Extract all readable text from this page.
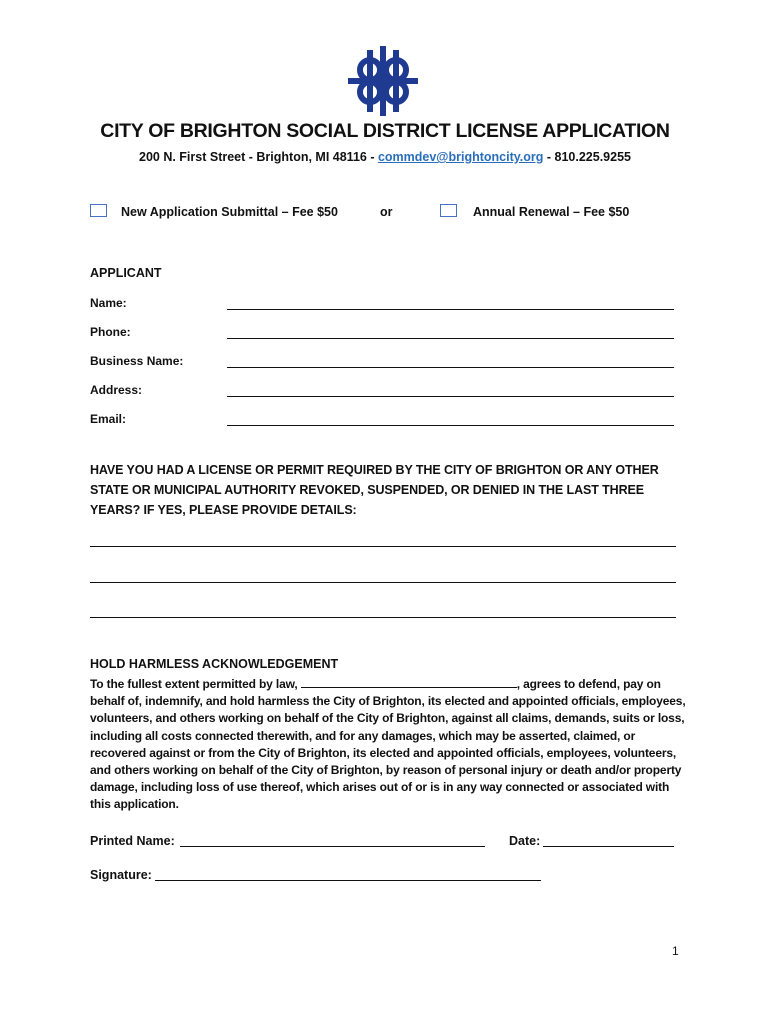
CITY OF BRIGHTON SOCIAL DISTRICT LICENSE APPLICATION
200 N. First Street - Brighton, MI 48116 - commdev@brightoncity.org - 810.225.9255
New Application Submittal – Fee $50	or	Annual Renewal – Fee $50
APPLICANT
Name:
Phone:
Business Name:
Address:
Email:
HAVE YOU HAD A LICENSE OR PERMIT REQUIRED BY THE CITY OF BRIGHTON OR ANY OTHER STATE OR MUNICIPAL AUTHORITY REVOKED, SUSPENDED, OR DENIED IN THE LAST THREE YEARS? IF YES, PLEASE PROVIDE DETAILS:
HOLD HARMLESS ACKNOWLEDGEMENT
To the fullest extent permitted by law,	, agrees to defend, pay on behalf of, indemnify, and hold harmless the City of Brighton, its elected and appointed officials, employees, volunteers, and others working on behalf of the City of Brighton, against all claims, demands, suits or loss, including all costs connected therewith, and for any damages, which may be asserted, claimed, or recovered against or from the City of Brighton, its elected and appointed officials, employees, volunteers, and others working on behalf of the City of Brighton, by reason of personal injury or death and/or property damage, including loss of use thereof, which arises out of or is in any way connected or associated with this application.
Printed Name:	Date:
Signature:
1
